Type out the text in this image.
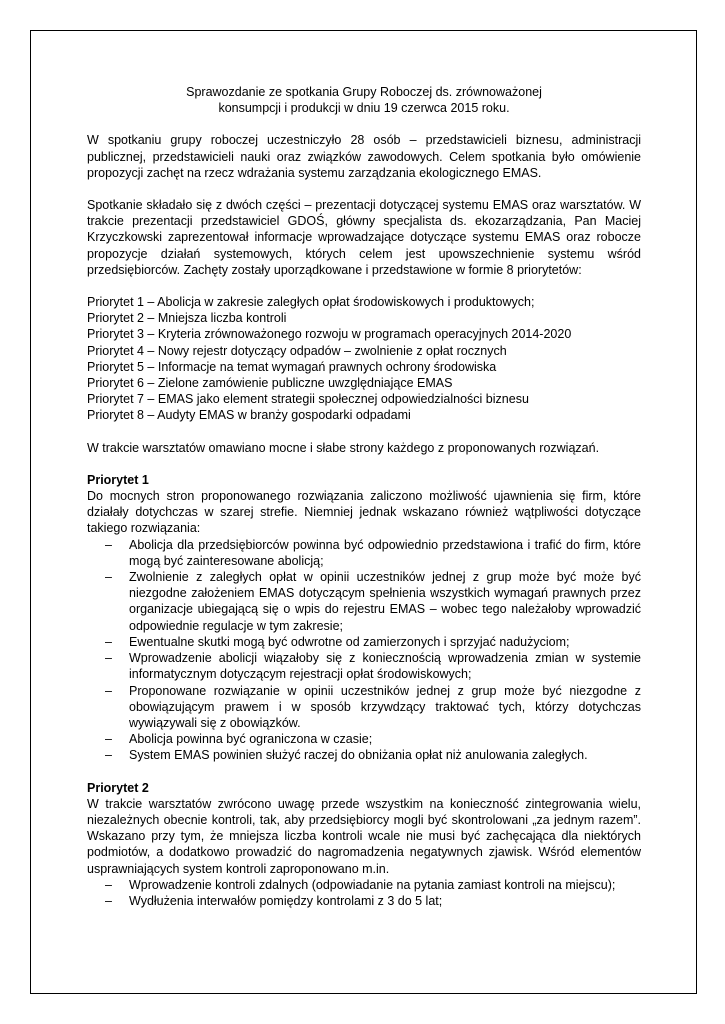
Sprawozdanie ze spotkania Grupy Roboczej ds. zrównoważonej
konsumpcji i produkcji w dniu 19 czerwca 2015 roku.

W spotkaniu grupy roboczej uczestniczyło 28 osób – przedstawicieli biznesu, administracji publicznej, przedstawicieli nauki oraz związków zawodowych. Celem spotkania było omówienie propozycji zachęt na rzecz wdrażania systemu zarządzania ekologicznego EMAS.

Spotkanie składało się z dwóch części – prezentacji dotyczącej systemu EMAS oraz warsztatów. W trakcie prezentacji przedstawiciel GDOŚ, główny specjalista ds. ekozarządzania, Pan Maciej Krzyczkowski zaprezentował informacje wprowadzające dotyczące systemu EMAS oraz robocze propozycje działań systemowych, których celem jest upowszechnienie systemu wśród przedsiębiorców. Zachęty zostały uporządkowane i przedstawione w formie 8 priorytetów:

Priorytet 1 – Abolicja w zakresie zaległych opłat środowiskowych i produktowych;
Priorytet 2 – Mniejsza liczba kontroli
Priorytet 3 – Kryteria zrównoważonego rozwoju w programach operacyjnych 2014-2020
Priorytet 4 – Nowy rejestr dotyczący odpadów – zwolnienie z opłat rocznych
Priorytet 5 – Informacje na temat wymagań prawnych ochrony środowiska
Priorytet 6 – Zielone zamówienie publiczne uwzględniające EMAS
Priorytet 7 – EMAS jako element strategii społecznej odpowiedzialności biznesu
Priorytet 8 – Audyty EMAS w branży gospodarki odpadami

W trakcie warsztatów omawiano mocne i słabe strony każdego z proponowanych rozwiązań.

Priorytet 1

Do mocnych stron proponowanego rozwiązania zaliczono możliwość ujawnienia się firm, które działały dotychczas w szarej strefie. Niemniej jednak wskazano również wątpliwości dotyczące takiego rozwiązania:

– Abolicja dla przedsiębiorców powinna być odpowiednio przedstawiona i trafić do firm, które mogą być zainteresowane abolicją;
– Zwolnienie z zaległych opłat w opinii uczestników jednej z grup może być może być niezgodne założeniem EMAS dotyczącym spełnienia wszystkich wymagań prawnych przez organizacje ubiegającą się o wpis do rejestru EMAS – wobec tego należałoby wprowadzić odpowiednie regulacje w tym zakresie;
– Ewentualne skutki mogą być odwrotne od zamierzonych i sprzyjać nadużyciom;
– Wprowadzenie abolicji wiązałoby się z koniecznością wprowadzenia zmian w systemie informatycznym dotyczącym rejestracji opłat środowiskowych;
– Proponowane rozwiązanie w opinii uczestników jednej z grup może być niezgodne z obowiązującym prawem i w sposób krzywdzący traktować tych, którzy dotychczas wywiązywali się z obowiązków.
– Abolicja powinna być ograniczona w czasie;
– System EMAS powinien służyć raczej do obniżania opłat niż anulowania zaległych.
Priorytet 2

W trakcie warsztatów zwrócono uwagę przede wszystkim na konieczność zintegrowania wielu, niezależnych obecnie kontroli, tak, aby przedsiębiorcy mogli być skontrolowani „za jednym razem”. Wskazano przy tym, że mniejsza liczba kontroli wcale nie musi być zachęcająca dla niektórych podmiotów, a dodatkowo prowadzić do nagromadzenia negatywnych zjawisk. Wśród elementów usprawniających system kontroli zaproponowano m.in.

– Wprowadzenie kontroli zdalnych (odpowiadanie na pytania zamiast kontroli na miejscu);
– Wydłużenia interwałów pomiędzy kontrolami z 3 do 5 lat;
